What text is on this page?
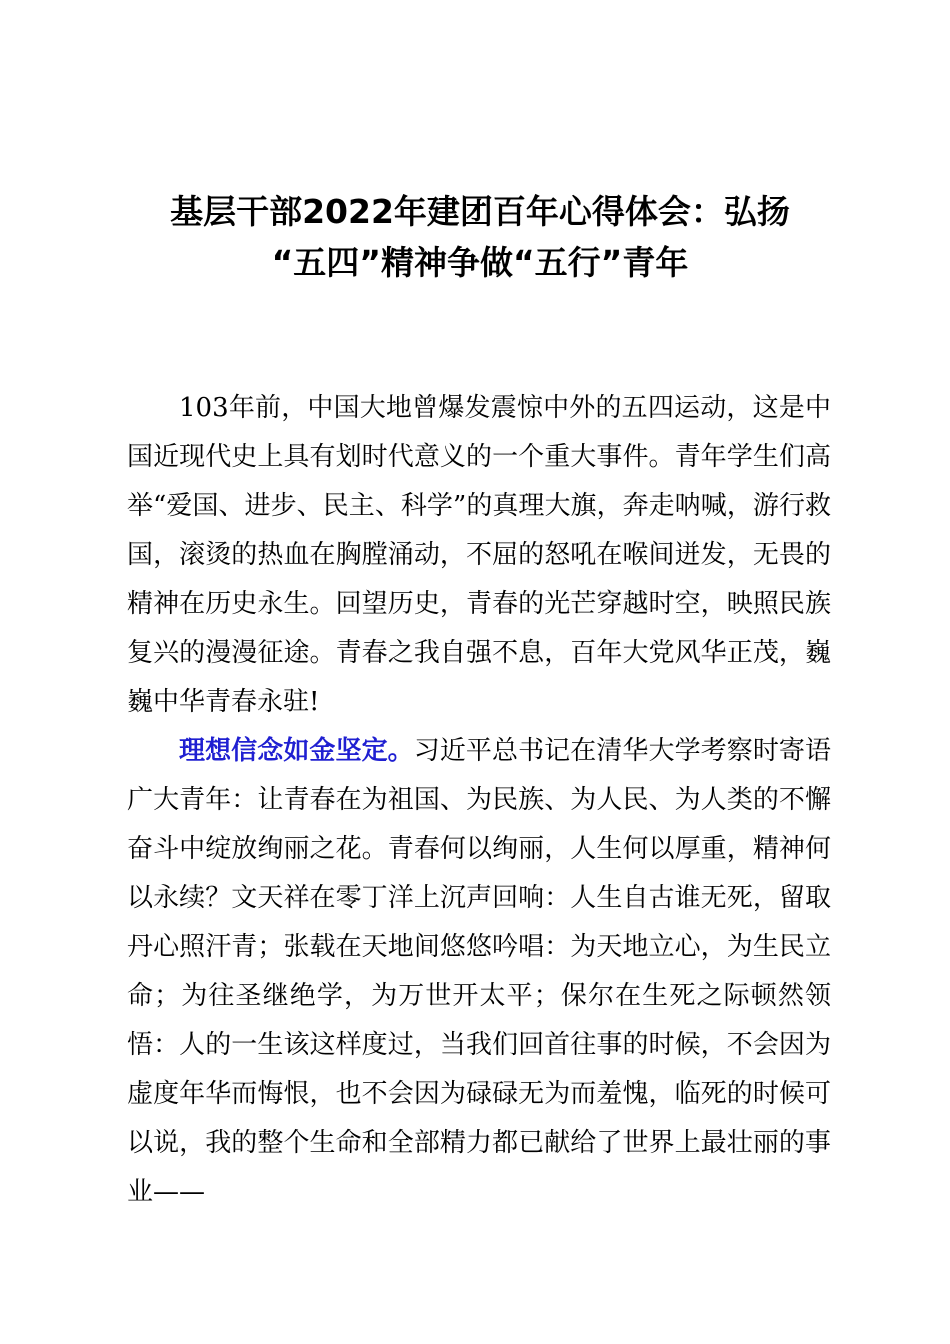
基层干部2022年建团百年心得体会：弘扬
“五四”精神争做“五行”青年

103年前，中国大地曾爆发震惊中外的五四运动，这是中国近现代史上具有划时代意义的一个重大事件。青年学生们高举“爱国、进步、民主、科学”的真理大旗，奔走呐喊，游行救国，滚烫的热血在胸膛涌动，不屈的怒吼在喉间迸发，无畏的精神在历史永生。回望历史，青春的光芒穿越时空，映照民族复兴的漫漫征途。青春之我自强不息，百年大党风华正茂，巍巍中华青春永驻!

理想信念如金坚定。习近平总书记在清华大学考察时寄语广大青年：让青春在为祖国、为民族、为人民、为人类的不懈奋斗中绽放绚丽之花。青春何以绚丽，人生何以厚重，精神何以永续？文天祥在零丁洋上沉声回响：人生自古谁无死，留取丹心照汗青；张载在天地间悠悠吟唱：为天地立心，为生民立命；为往圣继绝学，为万世开太平；保尔在生死之际顿然领悟：人的一生该这样度过，当我们回首往事的时候，不会因为虚度年华而悔恨，也不会因为碌碌无为而羞愧，临死的时候可以说，我的整个生命和全部精力都已献给了世界上最壮丽的事业——
